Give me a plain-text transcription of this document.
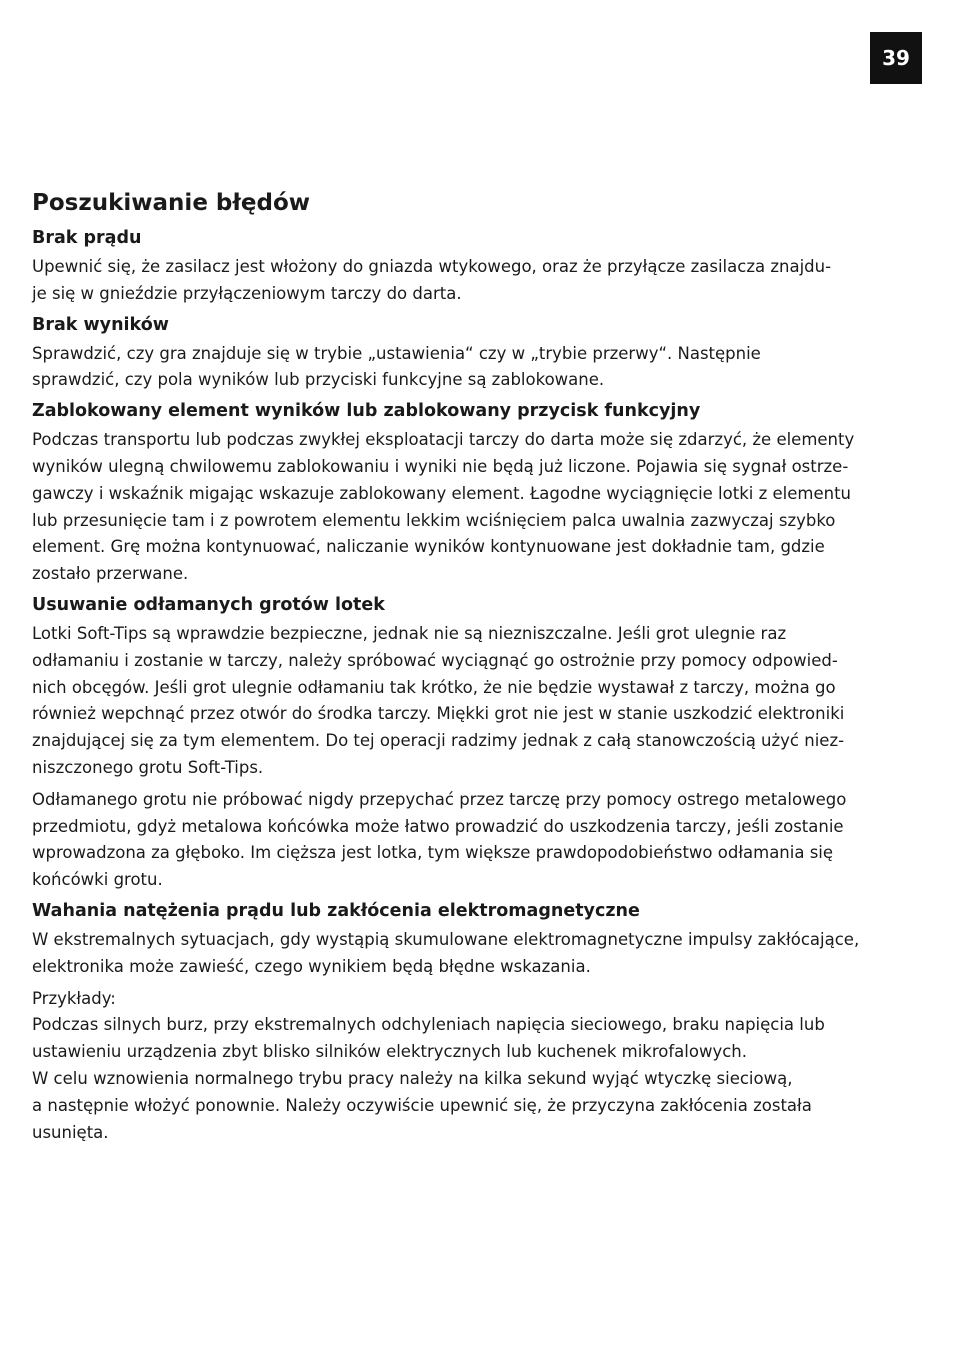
39
Poszukiwanie błędów
Brak prądu

Upewnić się, że zasilacz jest włożony do gniazda wtykowego, oraz że przyłącze zasilacza znajdu-
je się w gnieździe przyłączeniowym tarczy do darta.

Brak wyników

Sprawdzić, czy gra znajduje się w trybie „ustawienia“ czy w „trybie przerwy“. Następnie
sprawdzić, czy pola wyników lub przyciski funkcyjne są zablokowane.

Zablokowany element wyników lub zablokowany przycisk funkcyjny

Podczas transportu lub podczas zwykłej eksploatacji tarczy do darta może się zdarzyć, że elementy
wyników ulegną chwilowemu zablokowaniu i wyniki nie będą już liczone. Pojawia się sygnał ostrze-
gawczy i wskaźnik migając wskazuje zablokowany element. Łagodne wyciągnięcie lotki z elementu
lub przesunięcie tam i z powrotem elementu lekkim wciśnięciem palca uwalnia zazwyczaj szybko
element. Grę można kontynuować, naliczanie wyników kontynuowane jest dokładnie tam, gdzie
zostało przerwane.

Usuwanie odłamanych grotów lotek

Lotki Soft-Tips są wprawdzie bezpieczne, jednak nie są niezniszczalne. Jeśli grot ulegnie raz
odłamaniu i zostanie w tarczy, należy spróbować wyciągnąć go ostrożnie przy pomocy odpowied-
nich obcęgów. Jeśli grot ulegnie odłamaniu tak krótko, że nie będzie wystawał z tarczy, można go
również wepchnąć przez otwór do środka tarczy. Miękki grot nie jest w stanie uszkodzić elektroniki
znajdującej się za tym elementem. Do tej operacji radzimy jednak z całą stanowczością użyć niez-
niszczonego grotu Soft-Tips.

Odłamanego grotu nie próbować nigdy przepychać przez tarczę przy pomocy ostrego metalowego
przedmiotu, gdyż metalowa końcówka może łatwo prowadzić do uszkodzenia tarczy, jeśli zostanie
wprowadzona za głęboko. Im cięższa jest lotka, tym większe prawdopodobieństwo odłamania się
końcówki grotu.

Wahania natężenia prądu lub zakłócenia elektromagnetyczne

W ekstremalnych sytuacjach, gdy wystąpią skumulowane elektromagnetyczne impulsy zakłócające,
elektronika może zawieść, czego wynikiem będą błędne wskazania.

Przykłady:
Podczas silnych burz, przy ekstremalnych odchyleniach napięcia sieciowego, braku napięcia lub
ustawieniu urządzenia zbyt blisko silników elektrycznych lub kuchenek mikrofalowych.
W celu wznowienia normalnego trybu pracy należy na kilka sekund wyjąć wtyczkę sieciową,
a następnie włożyć ponownie. Należy oczywiście upewnić się, że przyczyna zakłócenia została
usunięta.
